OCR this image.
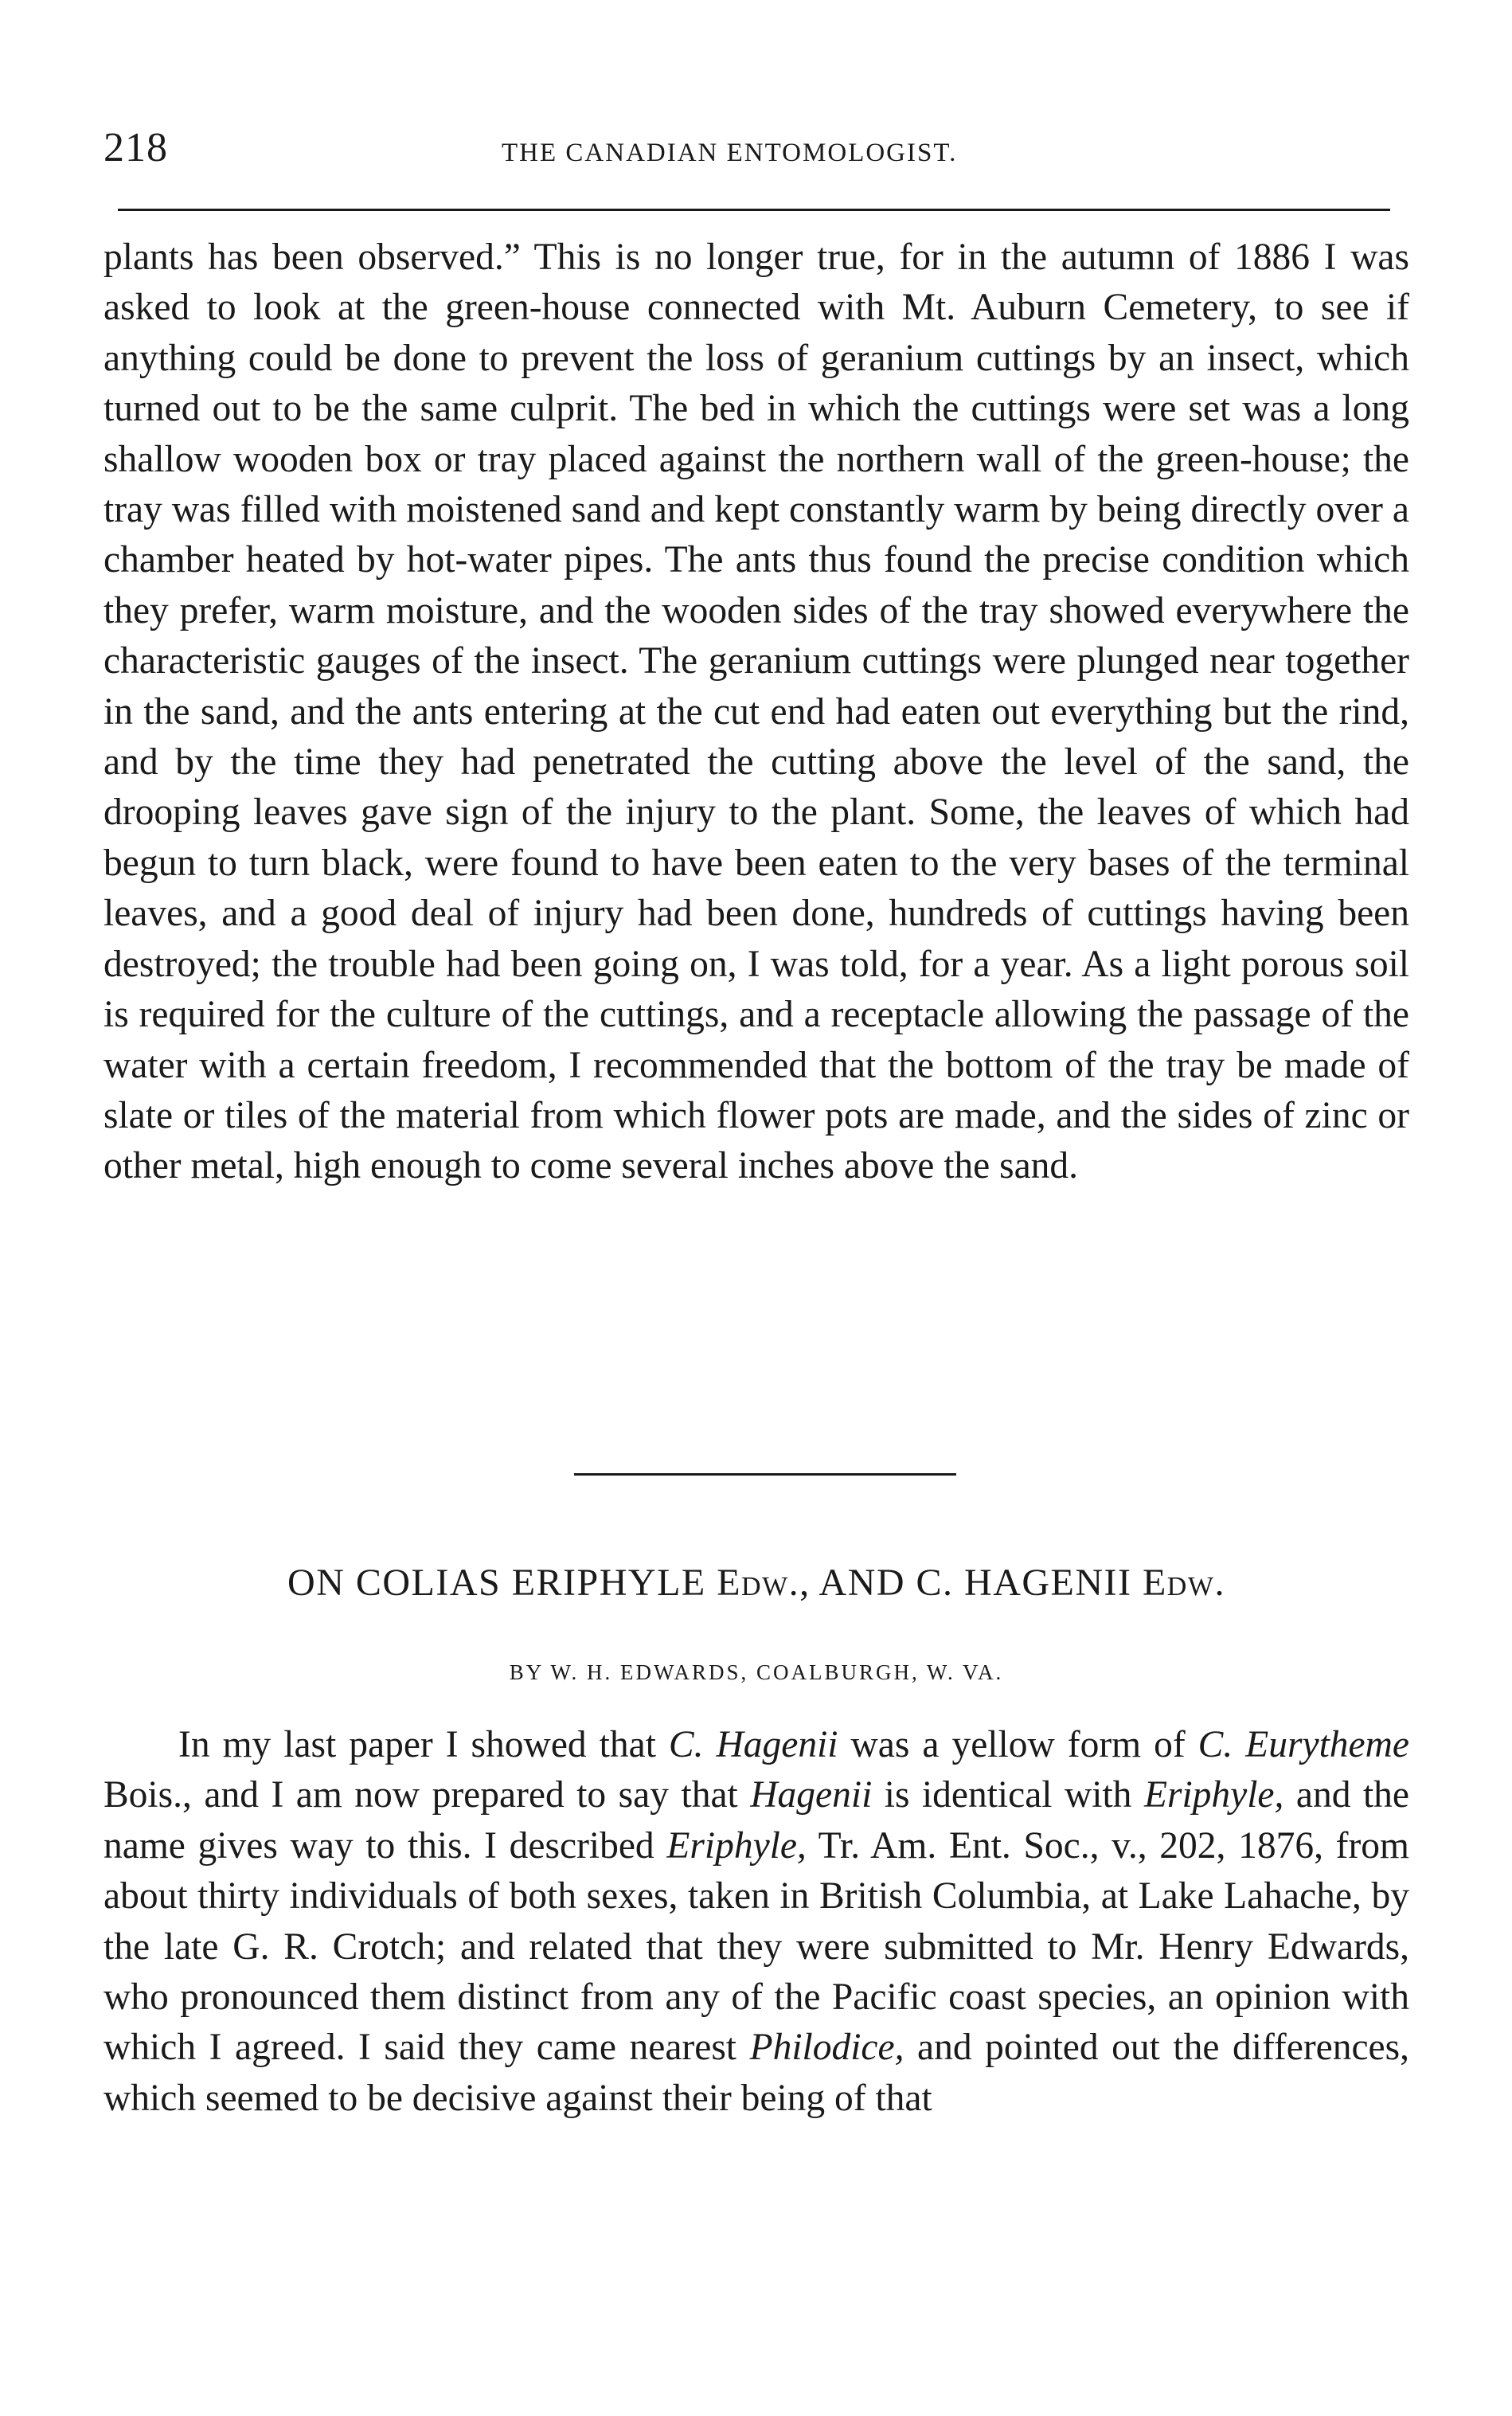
218	THE CANADIAN ENTOMOLOGIST.

plants has been observed.” This is no longer true, for in the autumn of 1886 I was asked to look at the green-house connected with Mt. Auburn Cemetery, to see if anything could be done to prevent the loss of geranium cuttings by an insect, which turned out to be the same culprit. The bed in which the cuttings were set was a long shallow wooden box or tray placed against the northern wall of the green-house; the tray was filled with moistened sand and kept constantly warm by being directly over a chamber heated by hot-water pipes. The ants thus found the precise condition which they prefer, warm moisture, and the wooden sides of the tray showed everywhere the characteristic gauges of the insect. The geranium cuttings were plunged near together in the sand, and the ants entering at the cut end had eaten out everything but the rind, and by the time they had penetrated the cutting above the level of the sand, the drooping leaves gave sign of the injury to the plant. Some, the leaves of which had begun to turn black, were found to have been eaten to the very bases of the terminal leaves, and a good deal of injury had been done, hundreds of cuttings having been destroyed; the trouble had been going on, I was told, for a year. As a light porous soil is required for the culture of the cuttings, and a receptacle allowing the passage of the water with a certain freedom, I recommended that the bottom of the tray be made of slate or tiles of the material from which flower pots are made, and the sides of zinc or other metal, high enough to come several inches above the sand.

ON COLIAS ERIPHYLE Edw., AND C. HAGENII Edw.
BY W. H. EDWARDS, COALBURGH, W. VA.

In my last paper I showed that C. Hagenii was a yellow form of C. Eurytheme Bois., and I am now prepared to say that Hagenii is identical with Eriphyle, and the name gives way to this. I described Eriphyle, Tr. Am. Ent. Soc., v., 202, 1876, from about thirty individuals of both sexes, taken in British Columbia, at Lake Lahache, by the late G. R. Crotch; and related that they were submitted to Mr. Henry Edwards, who pronounced them distinct from any of the Pacific coast species, an opinion with which I agreed. I said they came nearest Philodice, and pointed out the differences, which seemed to be decisive against their being of that
